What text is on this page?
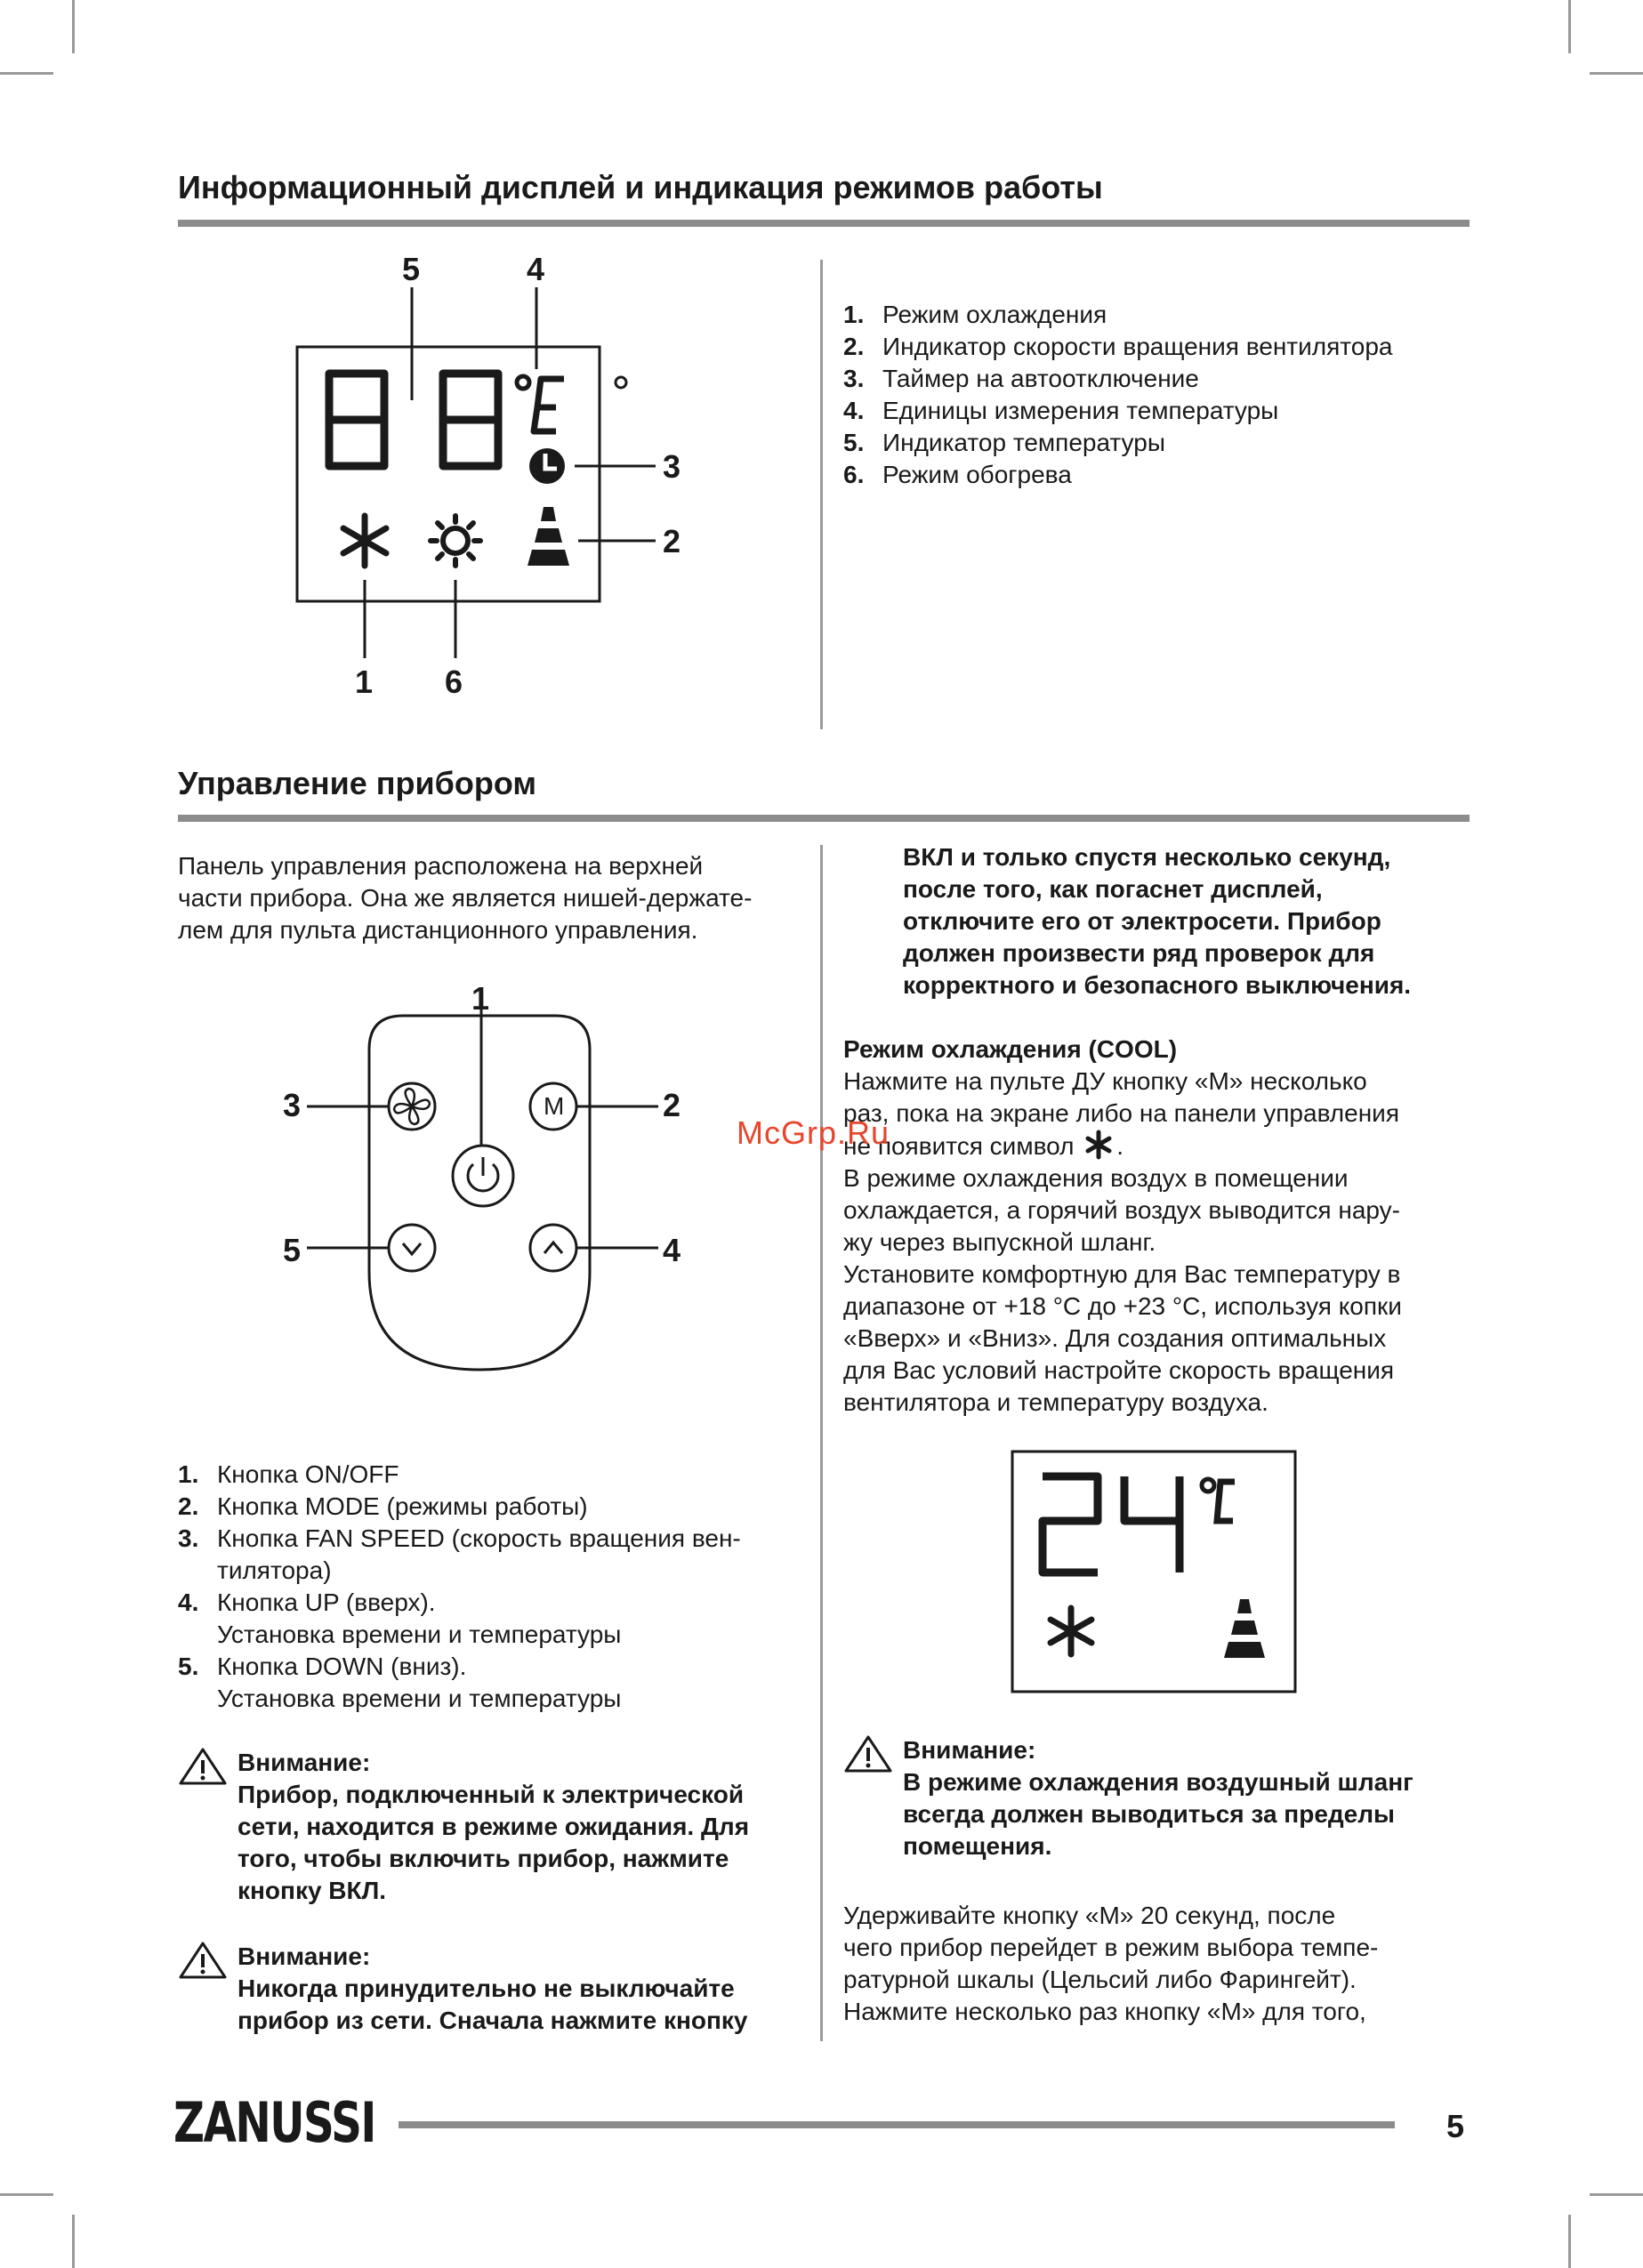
Информационный дисплей и индикация режимов работы
5	4
3
2
1 6
1. Режим охлаждения
2. Индикатор скорости вращения вентилятора
3. Таймер на автоотключение
4. Единицы измерения температуры
5. Индикатор температуры
6. Режим обогрева
Управление прибором
Панель управления расположена на верхней
части прибора. Она же является нишей-держате-
лем для пульта дистанционного управления.
M
1
2
3
4
5
1. Кнопка ON/OFF
2. Кнопка MODE (режимы работы)
3. Кнопка FAN SPEED (скорость вращения вен-
тилятора)
4. Кнопка UP (вверх).
Установка времени и температуры
5. Кнопка DOWN (вниз).
Установка времени и температуры
Внимание:
Прибор, подключенный к электрической
сети, находится в режиме ожидания. Для
того, чтобы включить прибор, нажмите
кнопку ВКЛ.
Внимание:
Никогда принудительно не выключайте
прибор из сети. Сначала нажмите кнопку
ВКЛ и только спустя несколько секунд,
после того, как погаснет дисплей,
отключите его от электросети. Прибор
должен произвести ряд проверок для
корректного и безопасного выключения.
Режим охлаждения (COOL)
Нажмите на пульте ДУ кнопку «M» несколько
раз, пока на экране либо на панели управления
не появится символ .
В режиме охлаждения воздух в помещении
охлаждается, а горячий воздух выводится нару-
жу через выпускной шланг.
Установите комфортную для Вас температуру в
диапазоне от +18 °C до +23 °C, используя копки
«Вверх» и «Вниз». Для создания оптимальных
для Вас условий настройте скорость вращения
вентилятора и температуру воздуха.
McGrp.Ru
Внимание:
В режиме охлаждения воздушный шланг
всегда должен выводиться за пределы
помещения.
Удерживайте кнопку «M» 20 секунд, после
чего прибор перейдет в режим выбора темпе-
ратурной шкалы (Цельсий либо Фарингейт).
Нажмите несколько раз кнопку «M» для того,
ZANUSSI	5
